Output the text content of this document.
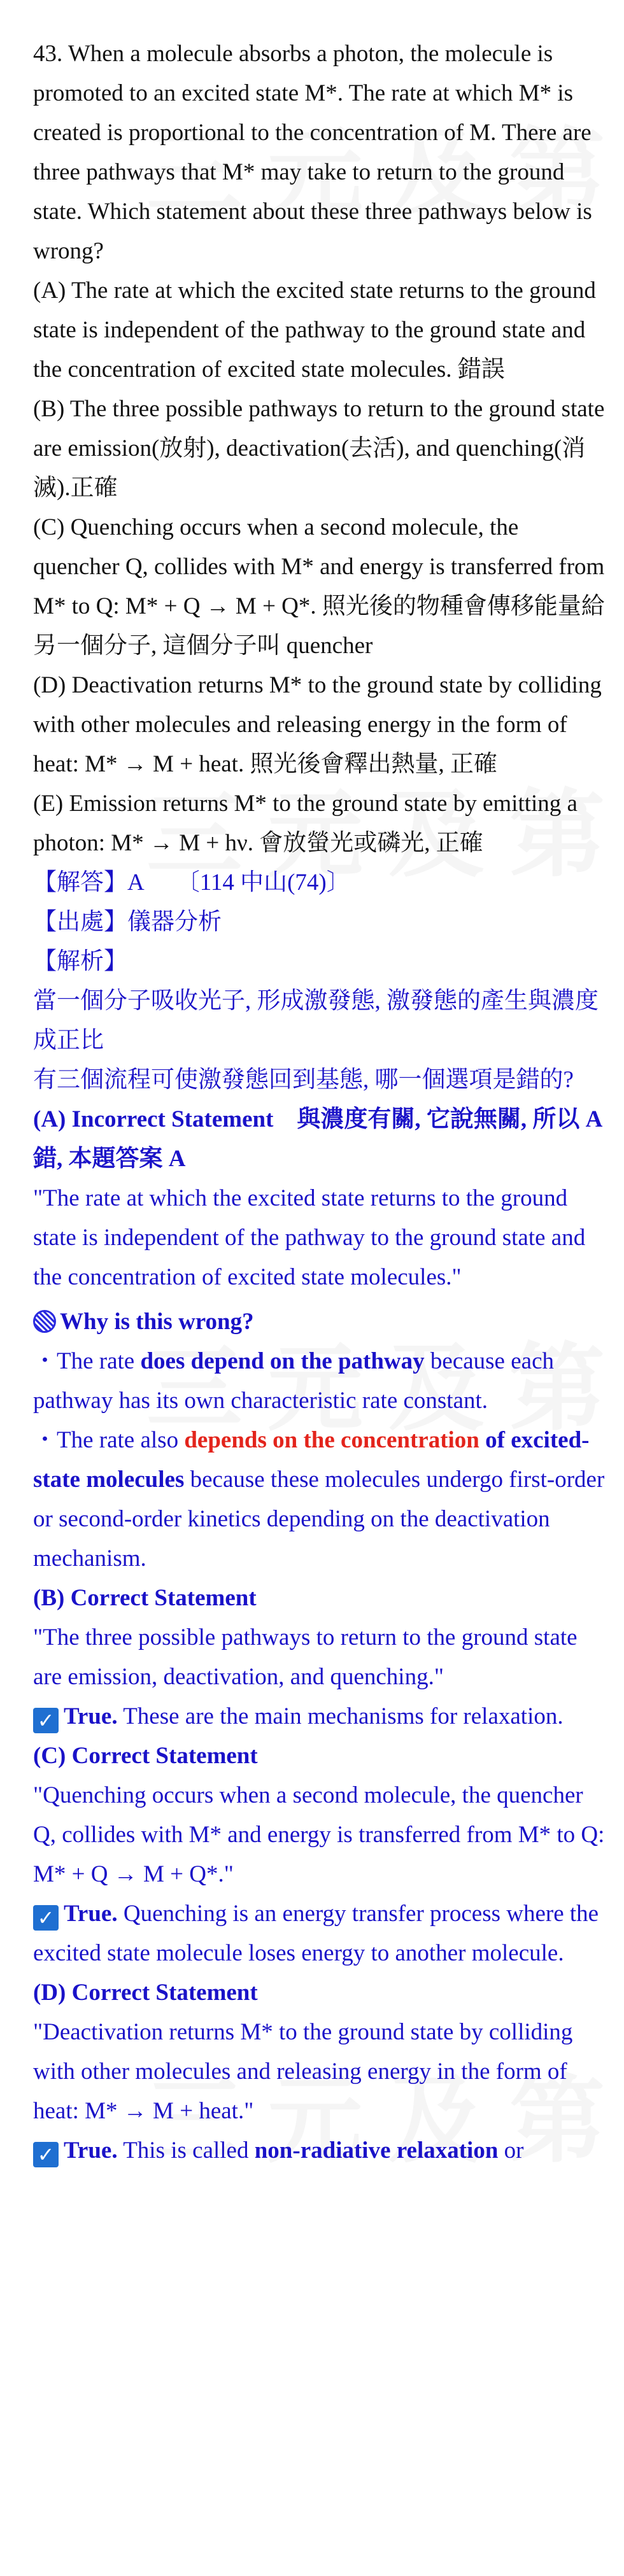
43. When a molecule absorbs a photon, the molecule is promoted to an excited state M*. The rate at which M* is created is proportional to the concentration of M. There are three pathways that M* may take to return to the ground state. Which statement about these three pathways below is wrong?

(A) The rate at which the excited state returns to the ground state is independent of the pathway to the ground state and the concentration of excited state molecules. 錯誤

(B) The three possible pathways to return to the ground state are emission(放射), deactivation(去活), and quenching(消滅).正確

(C) Quenching occurs when a second molecule, the quencher Q, collides with M* and energy is transferred from M* to Q: M* + Q → M + Q*. 照光後的物種會傳移能量給另一個分子, 這個分子叫 quencher

(D) Deactivation returns M* to the ground state by colliding with other molecules and releasing energy in the form of heat: M* → M + heat. 照光後會釋出熱量, 正確

(E) Emission returns M* to the ground state by emitting a photon: M* → M + hν. 會放螢光或磷光, 正確

【解答】A 〔114 中山(74)〕

【出處】儀器分析

【解析】

當一個分子吸收光子, 形成激發態, 激發態的產生與濃度成正比

有三個流程可使激發態回到基態, 哪一個選項是錯的?

(A) Incorrect Statement　與濃度有關, 它說無關, 所以 A 錯, 本題答案 A

"The rate at which the excited state returns to the ground state is independent of the pathway to the ground state and the concentration of excited state molecules."

Why is this wrong?

・The rate does depend on the pathway because each pathway has its own characteristic rate constant.

・The rate also depends on the concentration of excited-state molecules because these molecules undergo first-order or second-order kinetics depending on the deactivation mechanism.

(B) Correct Statement

"The three possible pathways to return to the ground state are emission, deactivation, and quenching."

✓ True. These are the main mechanisms for relaxation.

(C) Correct Statement

"Quenching occurs when a second molecule, the quencher Q, collides with M* and energy is transferred from M* to Q: M* + Q → M + Q*."

✓ True. Quenching is an energy transfer process where the excited state molecule loses energy to another molecule.

(D) Correct Statement

"Deactivation returns M* to the ground state by colliding with other molecules and releasing energy in the form of heat: M* → M + heat."

✓ True. This is called non-radiative relaxation or
